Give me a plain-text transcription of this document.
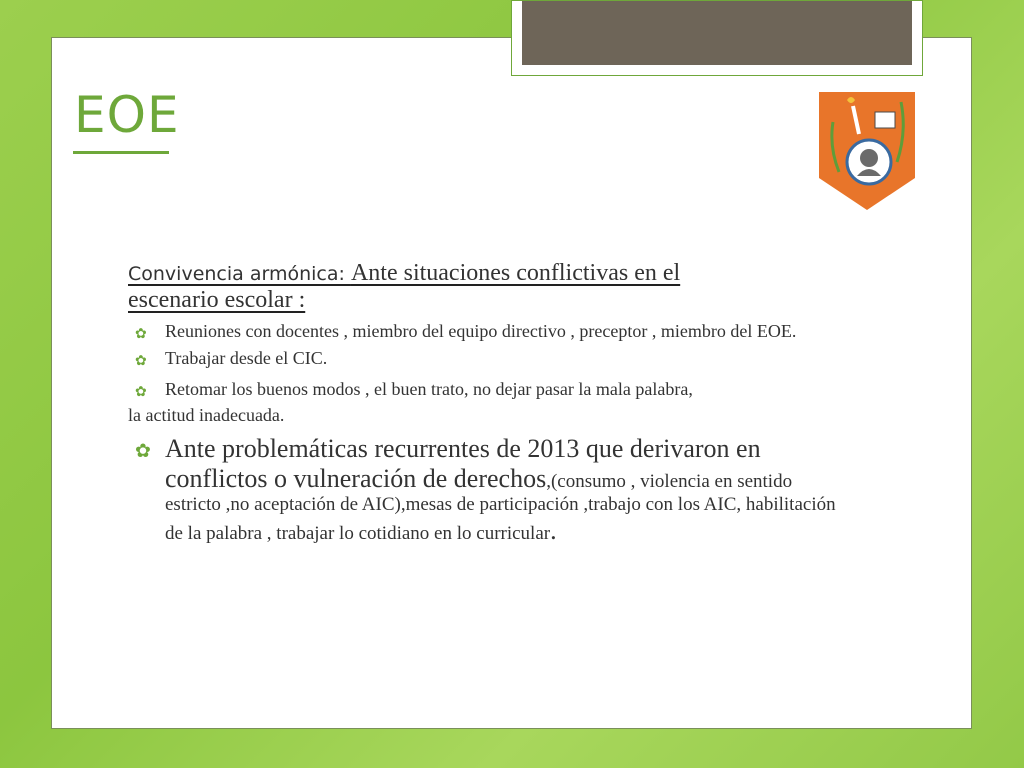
EOE

Convivencia armónica: Ante situaciones conflictivas en el
escenario escolar :

✿ Reuniones con docentes , miembro del equipo directivo , preceptor , miembro del EOE.
✿ Trabajar desde el CIC.
✿ Retomar los buenos modos , el buen trato, no dejar pasar la mala palabra,

la actitud inadecuada.

✿ Ante problemáticas recurrentes de 2013 que derivaron en conflictos o vulneración de derechos,(consumo , violencia en sentido estricto ,no aceptación de AIC),mesas de participación ,trabajo con los AIC, habilitación de la palabra , trabajar lo cotidiano en lo curricular.
